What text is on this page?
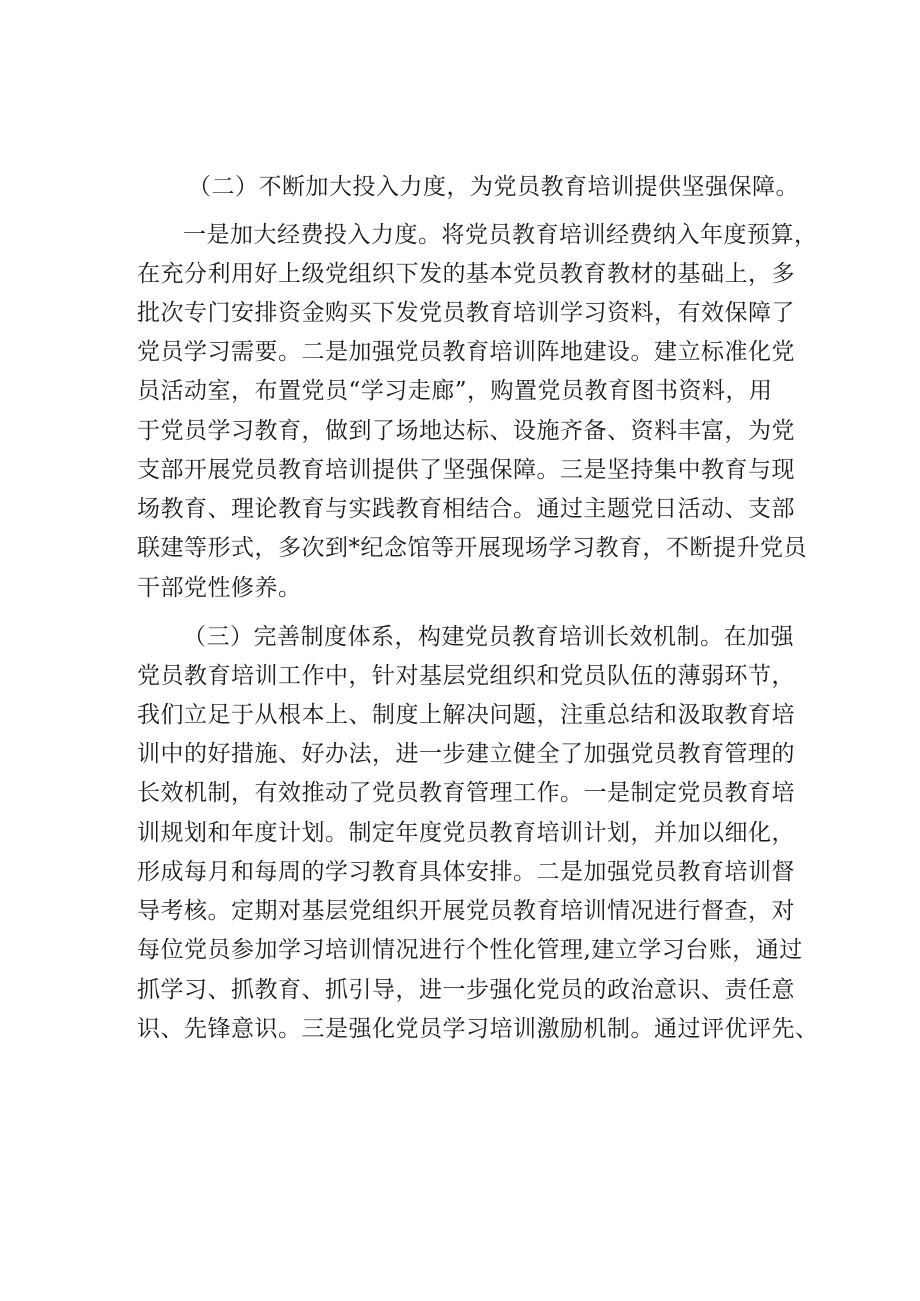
（二）不断加大投入力度，为党员教育培训提供坚强保障。
一是加大经费投入力度。将党员教育培训经费纳入年度预算，
在充分利用好上级党组织下发的基本党员教育教材的基础上，多
批次专门安排资金购买下发党员教育培训学习资料，有效保障了
党员学习需要。二是加强党员教育培训阵地建设。建立标准化党
员活动室，布置党员“学习走廊”，购置党员教育图书资料，用
于党员学习教育，做到了场地达标、设施齐备、资料丰富，为党
支部开展党员教育培训提供了坚强保障。三是坚持集中教育与现
场教育、理论教育与实践教育相结合。通过主题党日活动、支部
联建等形式，多次到*纪念馆等开展现场学习教育，不断提升党员
干部党性修养。
（三）完善制度体系，构建党员教育培训长效机制。在加强
党员教育培训工作中，针对基层党组织和党员队伍的薄弱环节，
我们立足于从根本上、制度上解决问题，注重总结和汲取教育培
训中的好措施、好办法，进一步建立健全了加强党员教育管理的
长效机制，有效推动了党员教育管理工作。一是制定党员教育培
训规划和年度计划。制定年度党员教育培训计划，并加以细化，
形成每月和每周的学习教育具体安排。二是加强党员教育培训督
导考核。定期对基层党组织开展党员教育培训情况进行督查，对
每位党员参加学习培训情况进行个性化管理,建立学习台账，通过
抓学习、抓教育、抓引导，进一步强化党员的政治意识、责任意
识、先锋意识。三是强化党员学习培训激励机制。通过评优评先、
